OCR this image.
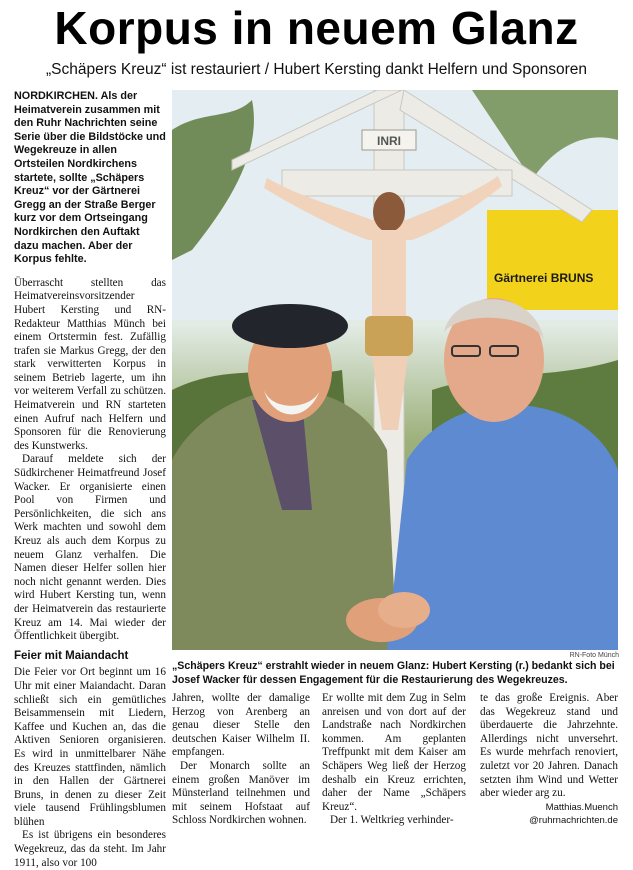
Korpus in neuem Glanz
„Schäpers Kreuz“ ist restauriert / Hubert Kersting dankt Helfern und Sponsoren

NORDKIRCHEN. Als der Heimatverein zusammen mit den Ruhr Nachrichten seine Serie über die Bildstöcke und Wegekreuze in allen Ortsteilen Nordkirchens startete, sollte „Schäpers Kreuz“ vor der Gärtnerei Gregg an der Straße Berger kurz vor dem Ortseingang Nordkirchen den Auftakt dazu machen. Aber der Korpus fehlte.

Überrascht stellten das Heimatvereinsvorsitzender Hubert Kersting und RN-Redakteur Matthias Münch bei einem Ortstermin fest. Zufällig trafen sie Markus Gregg, der den stark verwitterten Korpus in seinem Betrieb lagerte, um ihn vor weiterem Verfall zu schützen. Heimatverein und RN starteten einen Aufruf nach Helfern und Sponsoren für die Renovierung des Kunstwerks.

Darauf meldete sich der Südkirchener Heimatfreund Josef Wacker. Er organisierte einen Pool von Firmen und Persönlichkeiten, die sich ans Werk machten und sowohl dem Kreuz als auch dem Korpus zu neuem Glanz verhalfen. Die Namen dieser Helfer sollen hier noch nicht genannt werden. Dies wird Hubert Kersting tun, wenn der Heimatverein das restaurierte Kreuz am 14. Mai wieder der Öffentlichkeit übergibt.

Feier mit Maiandacht

Die Feier vor Ort beginnt um 16 Uhr mit einer Maiandacht. Daran schließt sich ein gemütliches Beisammensein mit Liedern, Kaffee und Kuchen an, das die Aktiven Senioren organisieren. Es wird in unmittelbarer Nähe des Kreuzes stattfinden, nämlich in den Hallen der Gärtnerei Bruns, in denen zu dieser Zeit viele tausend Frühlingsblumen blühen

Es ist übrigens ein besonderes Wegekreuz, das da steht. Im Jahr 1911, also vor 100

Gärtnerei BRUNS
INRI
RN-Foto Münch
„Schäpers Kreuz“ erstrahlt wieder in neuem Glanz: Hubert Kersting (r.) bedankt sich bei Josef Wacker für dessen Engagement für die Restaurierung des Wegekreuzes.

Jahren, wollte der damalige Herzog von Arenberg an genau dieser Stelle den deutschen Kaiser Wilhelm II. empfangen.

Der Monarch sollte an einem großen Manöver im Münsterland teilnehmen und mit seinem Hofstaat auf Schloss Nordkirchen wohnen.

Er wollte mit dem Zug in Selm anreisen und von dort auf der Landstraße nach Nordkirchen kommen. Am geplanten Treffpunkt mit dem Kaiser am Schäpers Weg ließ der Herzog deshalb ein Kreuz errichten, daher der Name „Schäpers Kreuz“.

Der 1. Weltkrieg verhinder-

te das große Ereignis. Aber das Wegekreuz stand und überdauerte die Jahrzehnte. Allerdings nicht unversehrt. Es wurde mehrfach renoviert, zuletzt vor 20 Jahren. Danach setzten ihm Wind und Wetter aber wieder arg zu.

Matthias.Muench
@ruhrnachrichten.de
